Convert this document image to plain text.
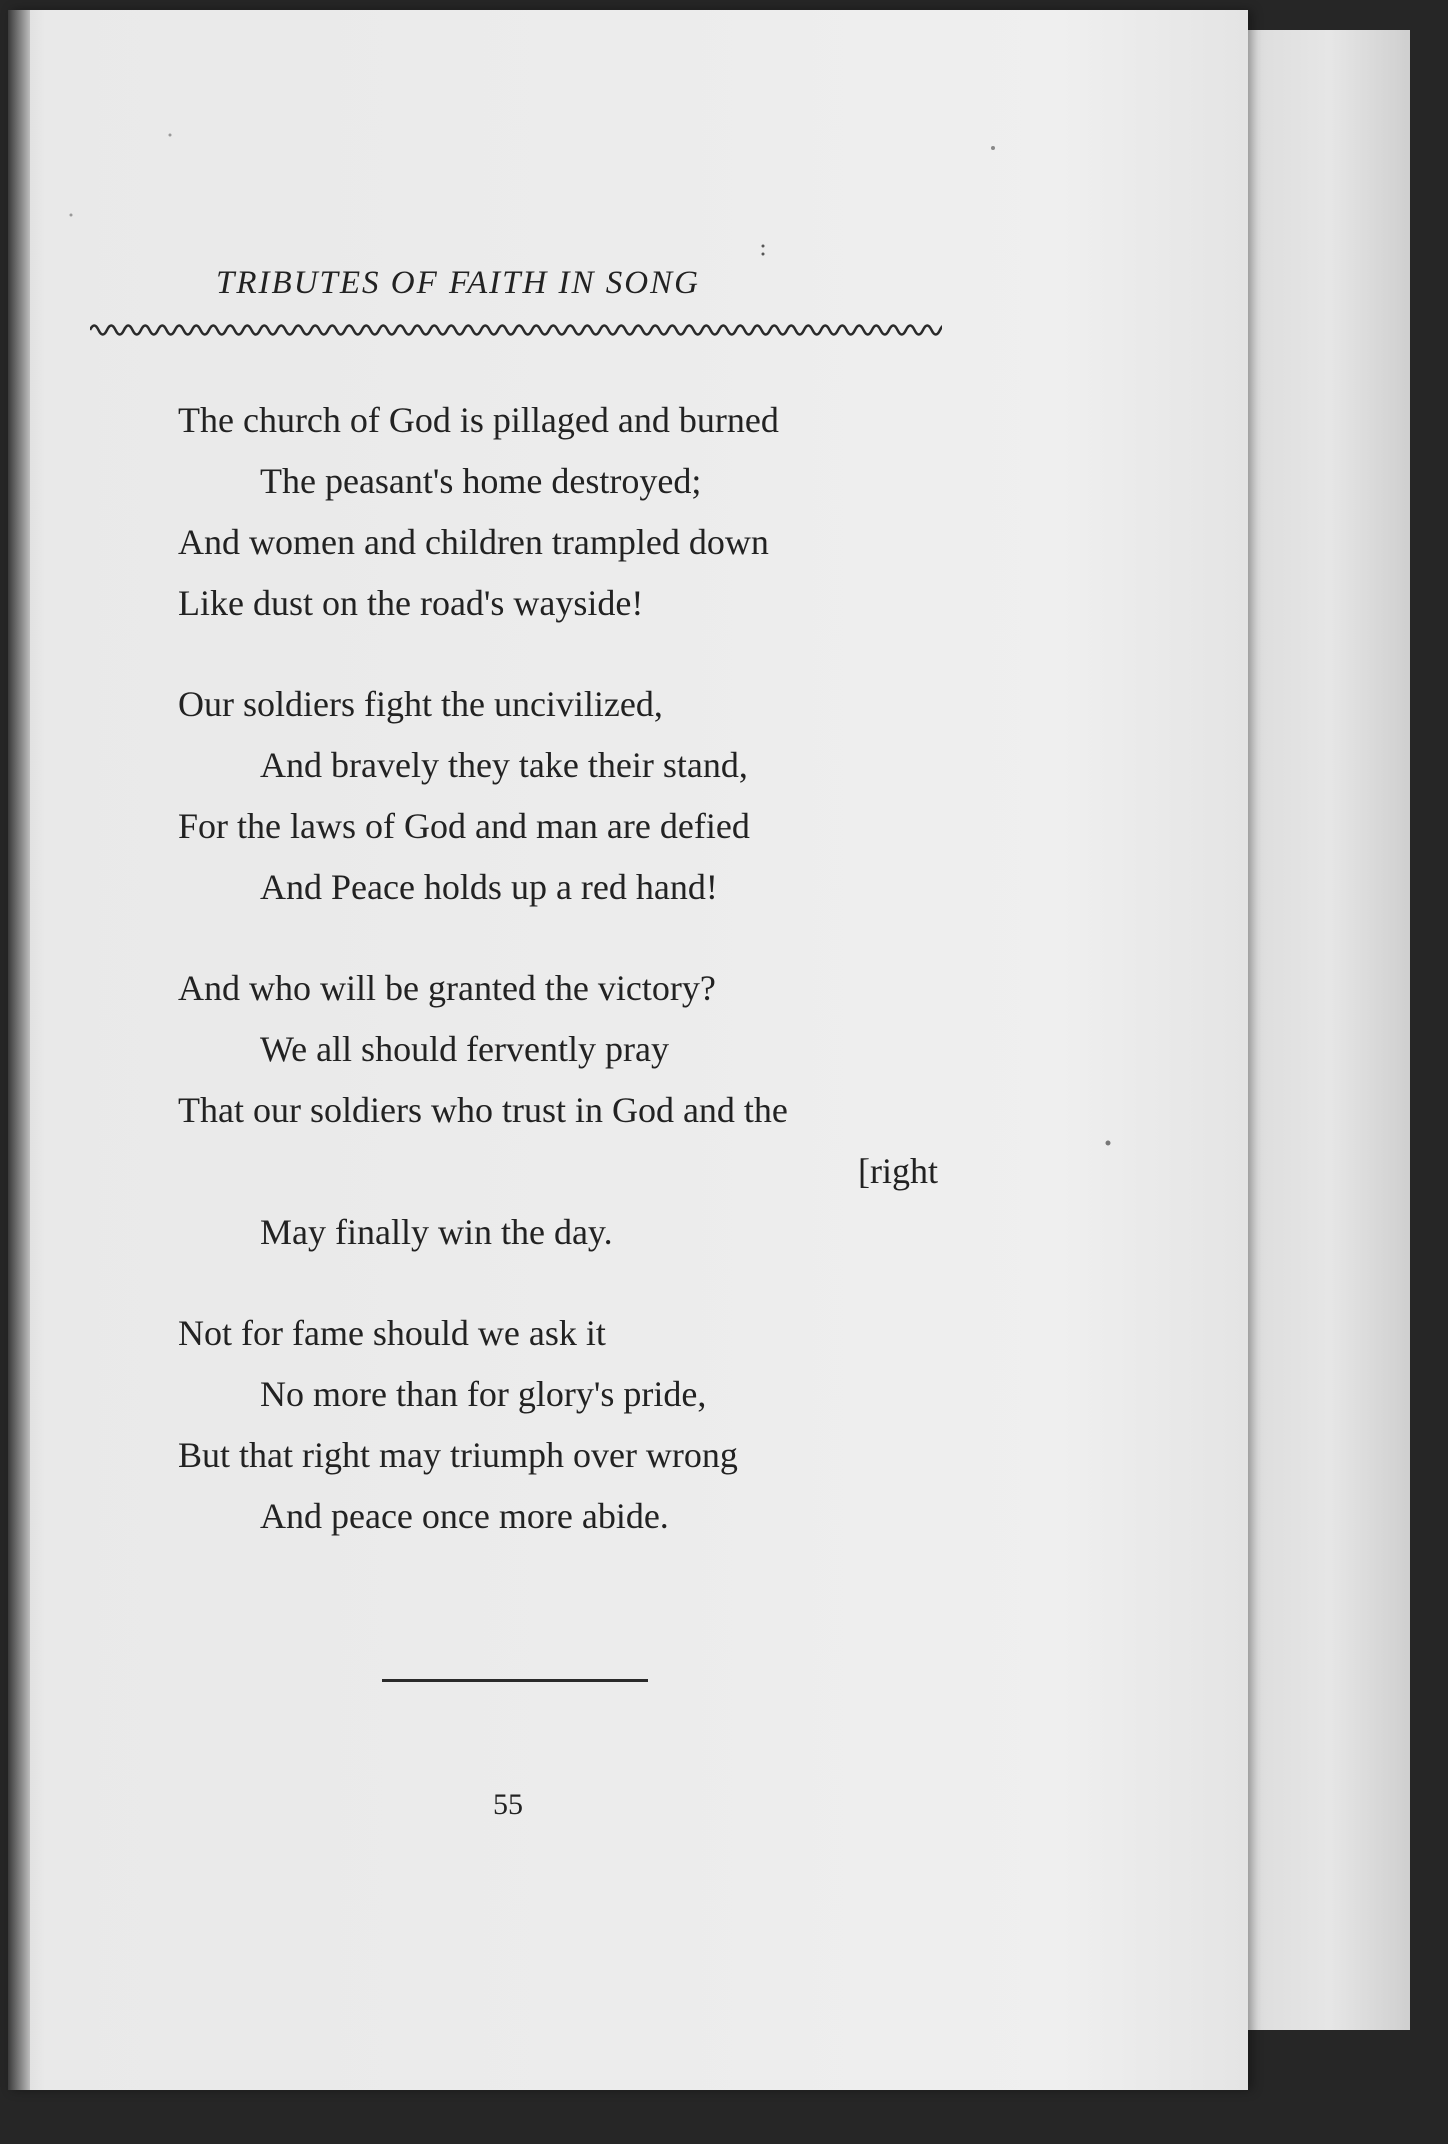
TRIBUTES OF FAITH IN SONG
The church of God is pillaged and burned
The peasant's home destroyed;
And women and children trampled down
Like dust on the road's wayside!
Our soldiers fight the uncivilized,
And bravely they take their stand,
For the laws of God and man are defied
And Peace holds up a red hand!
And who will be granted the victory?
We all should fervently pray
That our soldiers who trust in God and the
[right
May finally win the day.
Not for fame should we ask it
No more than for glory's pride,
But that right may triumph over wrong
And peace once more abide.
55
